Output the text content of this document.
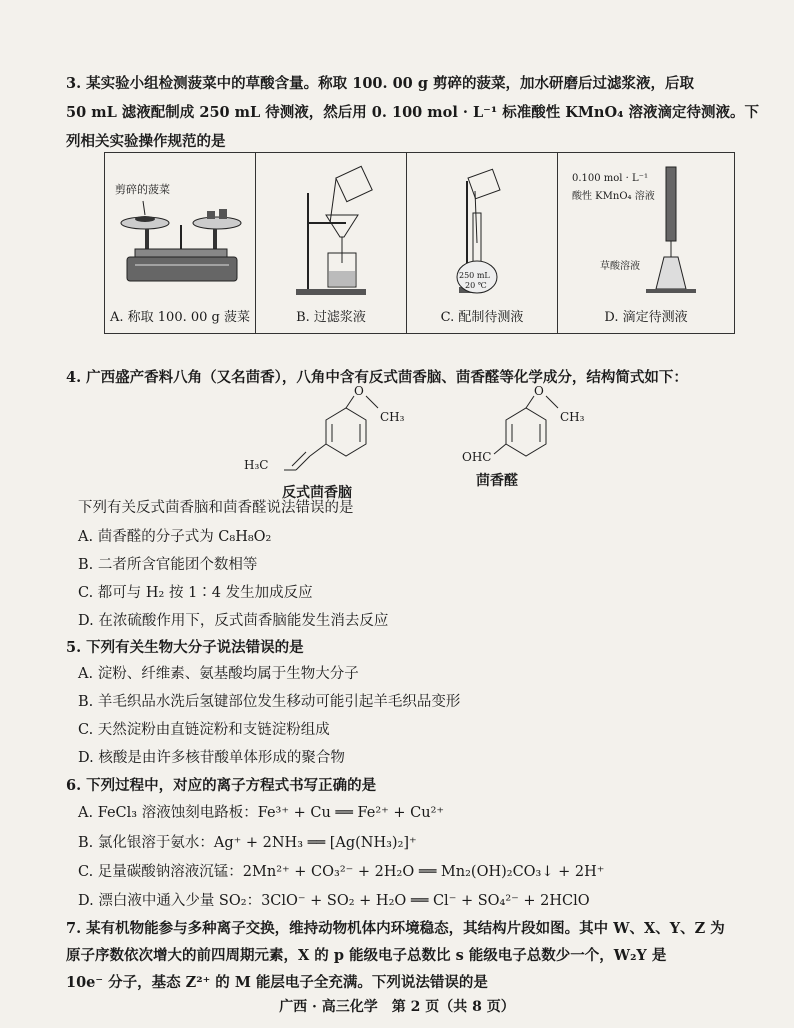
3. 某实验小组检测菠菜中的草酸含量。称取 100. 00 g 剪碎的菠菜，加水研磨后过滤浆液，后取
50 mL 滤液配制成 250 mL 待测液，然后用 0. 100 mol · L⁻¹ 标准酸性 KMnO₄ 溶液滴定待测液。下
列相关实验操作规范的是
剪碎的菠菜
A. 称取 100. 00 g 菠菜	B. 过滤浆液

250 mL
20 ℃
C. 配制待测液

0.100 mol · L⁻¹
酸性 KMnO₄ 溶液
草酸溶液
D. 滴定待测液
4. 广西盛产香料八角（又名茴香），八角中含有反式茴香脑、茴香醛等化学成分，结构简式如下：
O
CH₃
H₃C
O
CH₃
OHC
反式茴香脑
茴香醛
下列有关反式茴香脑和茴香醛说法错误的是
A. 茴香醛的分子式为 C₈H₈O₂
B. 二者所含官能团个数相等
C. 都可与 H₂ 按 1∶4 发生加成反应
D. 在浓硫酸作用下，反式茴香脑能发生消去反应
5. 下列有关生物大分子说法错误的是
A. 淀粉、纤维素、氨基酸均属于生物大分子
B. 羊毛织品水洗后氢键部位发生移动可能引起羊毛织品变形
C. 天然淀粉由直链淀粉和支链淀粉组成
D. 核酸是由许多核苷酸单体形成的聚合物
6. 下列过程中，对应的离子方程式书写正确的是
A. FeCl₃ 溶液蚀刻电路板：Fe³⁺ + Cu ══ Fe²⁺ + Cu²⁺
B. 氯化银溶于氨水：Ag⁺ + 2NH₃ ══ [Ag(NH₃)₂]⁺
C. 足量碳酸钠溶液沉锰：2Mn²⁺ + CO₃²⁻ + 2H₂O ══ Mn₂(OH)₂CO₃↓ + 2H⁺
D. 漂白液中通入少量 SO₂：3ClO⁻ + SO₂ + H₂O ══ Cl⁻ + SO₄²⁻ + 2HClO
7. 某有机物能参与多种离子交换，维持动物机体内环境稳态，其结构片段如图。其中 W、X、Y、Z 为
原子序数依次增大的前四周期元素，X 的 p 能级电子总数比 s 能级电子总数少一个，W₂Y 是
10e⁻ 分子，基态 Z²⁺ 的 M 能层电子全充满。下列说法错误的是
广西 · 高三化学　第 2 页（共 8 页）
